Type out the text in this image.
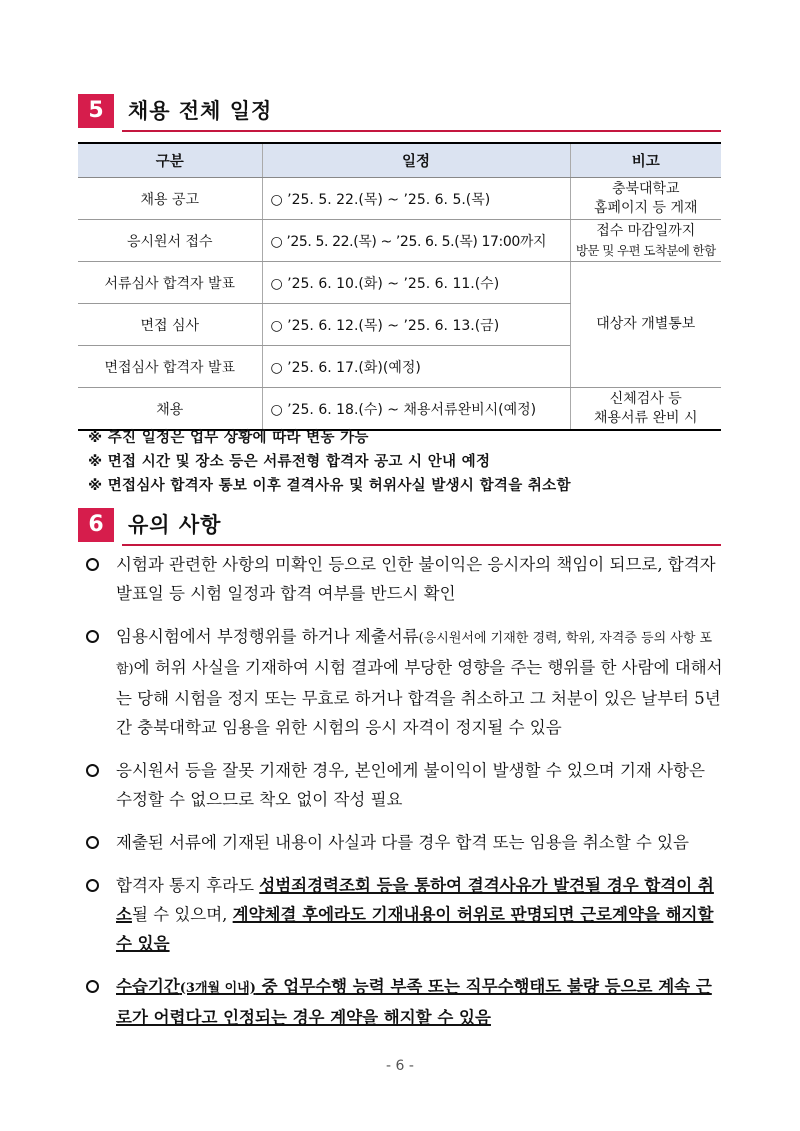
5	채용 전체 일정
구분	일정	비고
채용 공고	○ ’25. 5. 22.(목) ~ ’25. 6. 5.(목)	충북대학교
홈페이지 등 게재

응시원서 접수	○ ’25. 5. 22.(목) ~ ’25. 6. 5.(목) 17:00까지	접수 마감일까지
방문 및 우편 도착분에 한함

서류심사 합격자 발표	○ ’25. 6. 10.(화) ~ ’25. 6. 11.(수)	대상자 개별통보
면접 심사	○ ’25. 6. 12.(목) ~ ’25. 6. 13.(금)	
면접심사 합격자 발표	○ ’25. 6. 17.(화)(예정)	
채용	○ ’25. 6. 18.(수) ~ 채용서류완비시(예정)	신체검사 등
채용서류 완비 시
※ 추진 일정은 업무 상황에 따라 변동 가능
※ 면접 시간 및 장소 등은 서류전형 합격자 공고 시 안내 예정
※ 면접심사 합격자 통보 이후 결격사유 및 허위사실 발생시 합격을 취소함
6	유의 사항
시험과 관련한 사항의 미확인 등으로 인한 불이익은 응시자의 책임이 되므로, 합격자 발표일 등 시험 일정과 합격 여부를 반드시 확인
임용시험에서 부정행위를 하거나 제출서류(응시원서에 기재한 경력, 학위, 자격증 등의 사항 포함)에 허위 사실을 기재하여 시험 결과에 부당한 영향을 주는 행위를 한 사람에 대해서는 당해 시험을 정지 또는 무효로 하거나 합격을 취소하고 그 처분이 있은 날부터 5년간 충북대학교 임용을 위한 시험의 응시 자격이 정지될 수 있음
응시원서 등을 잘못 기재한 경우, 본인에게 불이익이 발생할 수 있으며 기재 사항은 수정할 수 없으므로 착오 없이 작성 필요
제출된 서류에 기재된 내용이 사실과 다를 경우 합격 또는 임용을 취소할 수 있음
합격자 통지 후라도 성범죄경력조회 등을 통하여 결격사유가 발견될 경우 합격이 취소될 수 있으며, 계약체결 후에라도 기재내용이 허위로 판명되면 근로계약을 해지할 수 있음
수습기간(3개월 이내) 중 업무수행 능력 부족 또는 직무수행태도 불량 등으로 계속 근로가 어렵다고 인정되는 경우 계약을 해지할 수 있음
- 6 -
